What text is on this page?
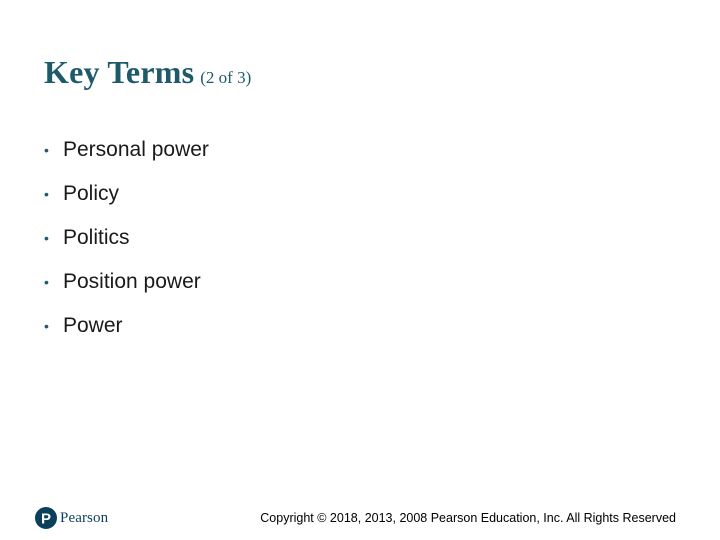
Key Terms (2 of 3)
• Personal power
• Policy
• Politics
• Position power
• Power
P Pearson	Copyright © 2018, 2013, 2008 Pearson Education, Inc. All Rights Reserved
